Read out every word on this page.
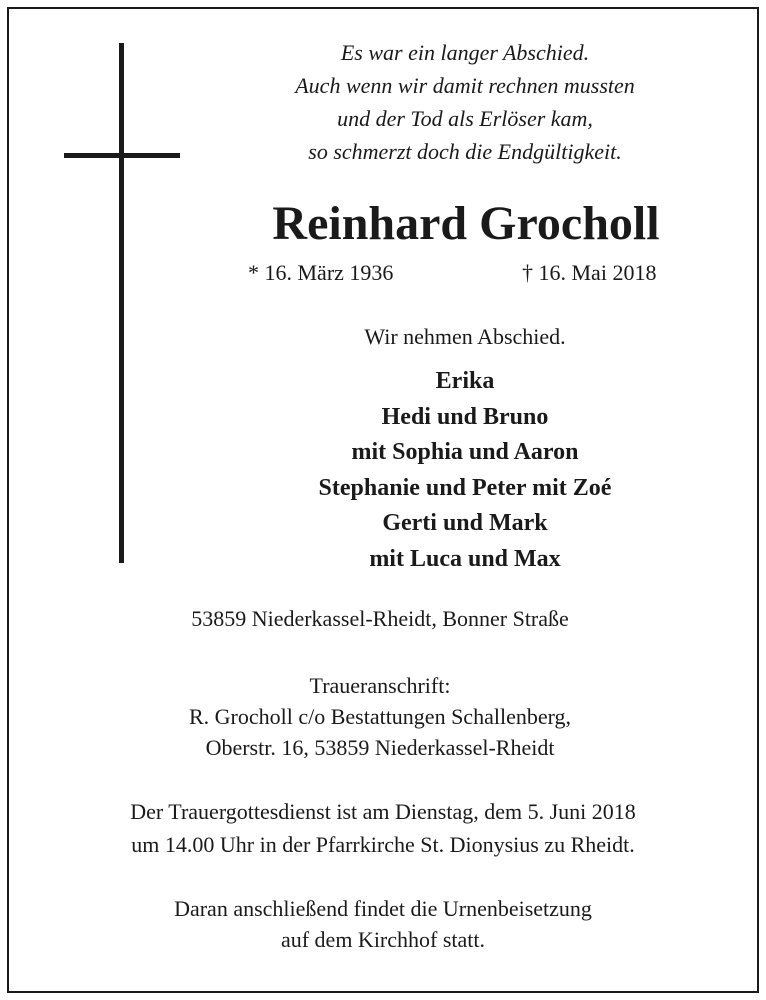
Es war ein langer Abschied.
Auch wenn wir damit rechnen mussten
und der Tod als Erlöser kam,
so schmerzt doch die Endgültigkeit.
Reinhard Grocholl
* 16. März 1936	† 16. Mai 2018
Wir nehmen Abschied.
Erika
Hedi und Bruno
mit Sophia und Aaron
Stephanie und Peter mit Zoé
Gerti und Mark
mit Luca und Max
53859 Niederkassel-Rheidt, Bonner Straße
Traueranschrift:
R. Grocholl c/o Bestattungen Schallenberg,
Oberstr. 16, 53859 Niederkassel-Rheidt
Der Trauergottesdienst ist am Dienstag, dem 5. Juni 2018
um 14.00 Uhr in der Pfarrkirche St. Dionysius zu Rheidt.
Daran anschließend findet die Urnenbeisetzung
auf dem Kirchhof statt.
